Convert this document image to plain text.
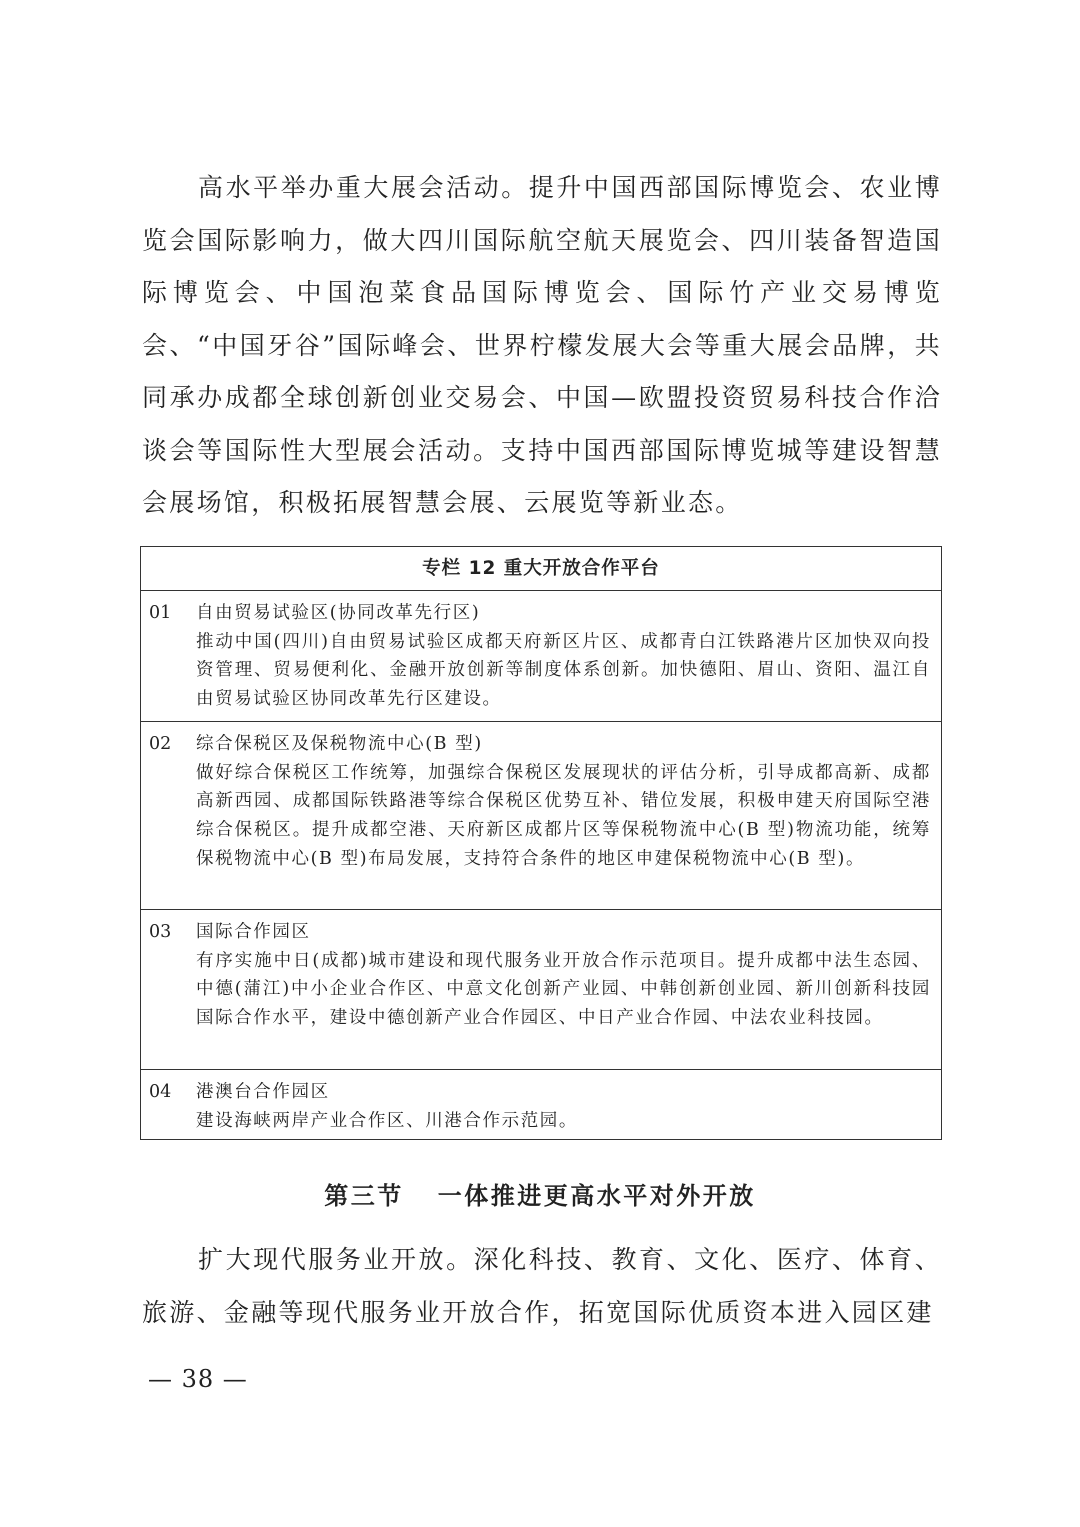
高水平举办重大展会活动。提升中国西部国际博览会、农业博览会国际影响力，做大四川国际航空航天展览会、四川装备智造国际博览会、中国泡菜食品国际博览会、国际竹产业交易博览会、“中国牙谷”国际峰会、世界柠檬发展大会等重大展会品牌，共同承办成都全球创新创业交易会、中国—欧盟投资贸易科技合作洽谈会等国际性大型展会活动。支持中国西部国际博览城等建设智慧会展场馆，积极拓展智慧会展、云展览等新业态。

专栏 12 重大开放合作平台
01 自由贸易试验区(协同改革先行区)
推动中国(四川)自由贸易试验区成都天府新区片区、成都青白江铁路港片区加快双向投资管理、贸易便利化、金融开放创新等制度体系创新。加快德阳、眉山、资阳、温江自由贸易试验区协同改革先行区建设。
02 综合保税区及保税物流中心(B 型)
做好综合保税区工作统筹，加强综合保税区发展现状的评估分析，引导成都高新、成都高新西园、成都国际铁路港等综合保税区优势互补、错位发展，积极申建天府国际空港综合保税区。提升成都空港、天府新区成都片区等保税物流中心(B 型)物流功能，统筹保税物流中心(B 型)布局发展，支持符合条件的地区申建保税物流中心(B 型)。
03 国际合作园区
有序实施中日(成都)城市建设和现代服务业开放合作示范项目。提升成都中法生态园、中德(蒲江)中小企业合作区、中意文化创新产业园、中韩创新创业园、新川创新科技园国际合作水平，建设中德创新产业合作园区、中日产业合作园、中法农业科技园。
04 港澳台合作园区
建设海峡两岸产业合作区、川港合作示范园。
第三节 一体推进更高水平对外开放

扩大现代服务业开放。深化科技、教育、文化、医疗、体育、旅游、金融等现代服务业开放合作，拓宽国际优质资本进入园区建

— 38 —
